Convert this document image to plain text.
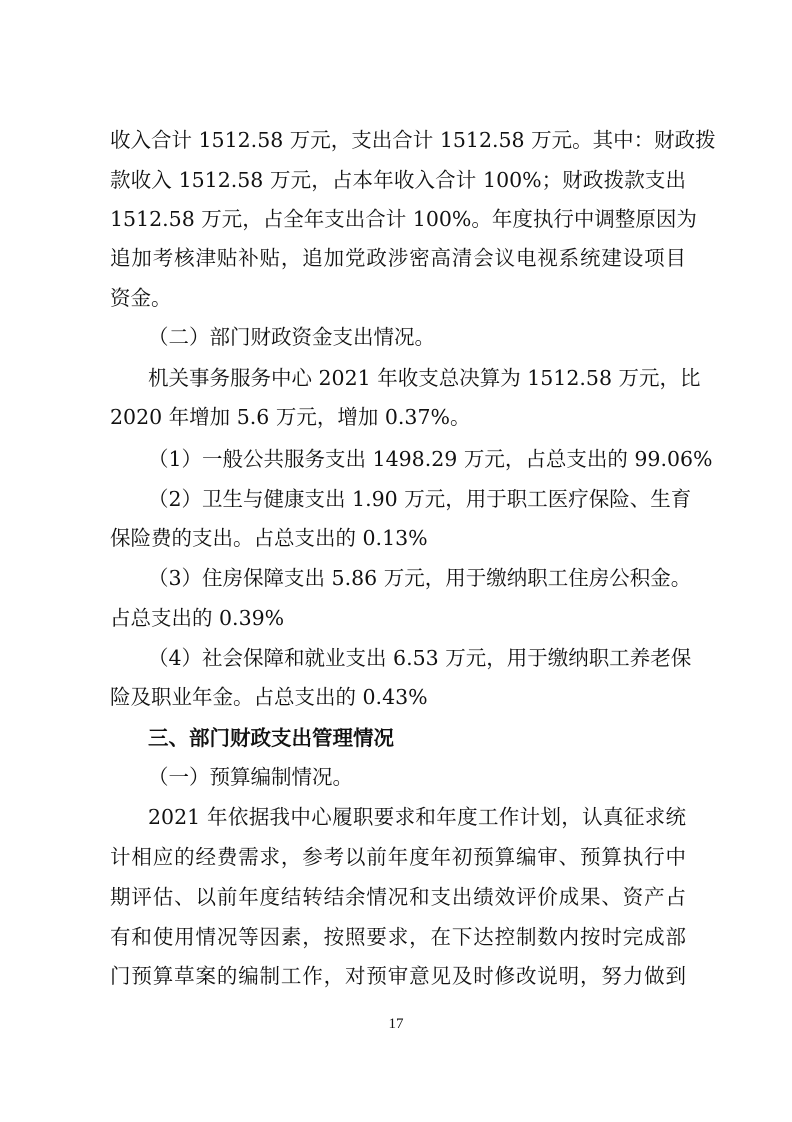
收入合计 1512.58 万元，支出合计 1512.58 万元。其中：财政拨
款收入 1512.58 万元，占本年收入合计 100%；财政拨款支出
1512.58 万元，占全年支出合计 100%。年度执行中调整原因为
追加考核津贴补贴，追加党政涉密高清会议电视系统建设项目
资金。
（二）部门财政资金支出情况。
机关事务服务中心 2021 年收支总决算为 1512.58 万元，比
2020 年增加 5.6 万元，增加 0.37%。
（1）一般公共服务支出 1498.29 万元，占总支出的 99.06%
（2）卫生与健康支出 1.90 万元，用于职工医疗保险、生育
保险费的支出。占总支出的 0.13%
（3）住房保障支出 5.86 万元，用于缴纳职工住房公积金。
占总支出的 0.39%
（4）社会保障和就业支出 6.53 万元，用于缴纳职工养老保
险及职业年金。占总支出的 0.43%
三、部门财政支出管理情况
（一）预算编制情况。
2021 年依据我中心履职要求和年度工作计划，认真征求统
计相应的经费需求，参考以前年度年初预算编审、预算执行中
期评估、以前年度结转结余情况和支出绩效评价成果、资产占
有和使用情况等因素，按照要求，在下达控制数内按时完成部
门预算草案的编制工作，对预审意见及时修改说明，努力做到
17
